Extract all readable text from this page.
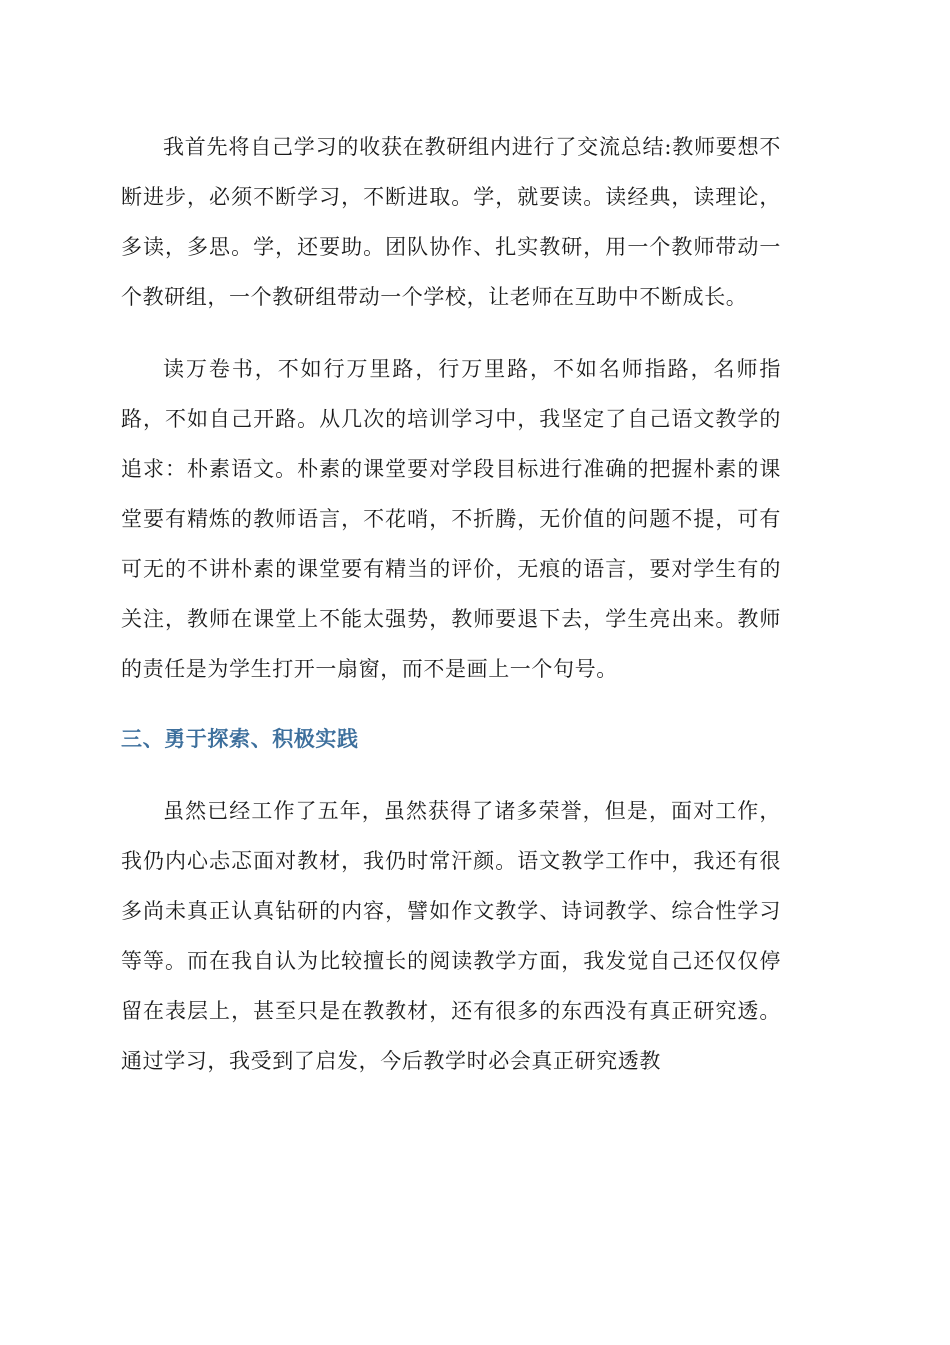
我首先将自己学习的收获在教研组内进行了交流总结:教师要想不断进步，必须不断学习，不断进取。学，就要读。读经典，读理论，多读，多思。学，还要助。团队协作、扎实教研，用一个教师带动一个教研组，一个教研组带动一个学校，让老师在互助中不断成长。

读万卷书，不如行万里路，行万里路，不如名师指路，名师指路，不如自己开路。从几次的培训学习中，我坚定了自己语文教学的追求：朴素语文。朴素的课堂要对学段目标进行准确的把握朴素的课堂要有精炼的教师语言，不花哨，不折腾，无价值的问题不提，可有可无的不讲朴素的课堂要有精当的评价，无痕的语言，要对学生有的关注，教师在课堂上不能太强势，教师要退下去，学生亮出来。教师的责任是为学生打开一扇窗，而不是画上一个句号。

三、勇于探索、积极实践

虽然已经工作了五年，虽然获得了诸多荣誉，但是，面对工作，我仍内心忐忑面对教材，我仍时常汗颜。语文教学工作中，我还有很多尚未真正认真钻研的内容，譬如作文教学、诗词教学、综合性学习等等。而在我自认为比较擅长的阅读教学方面，我发觉自己还仅仅停留在表层上，甚至只是在教教材，还有很多的东西没有真正研究透。通过学习，我受到了启发，今后教学时必会真正研究透教
